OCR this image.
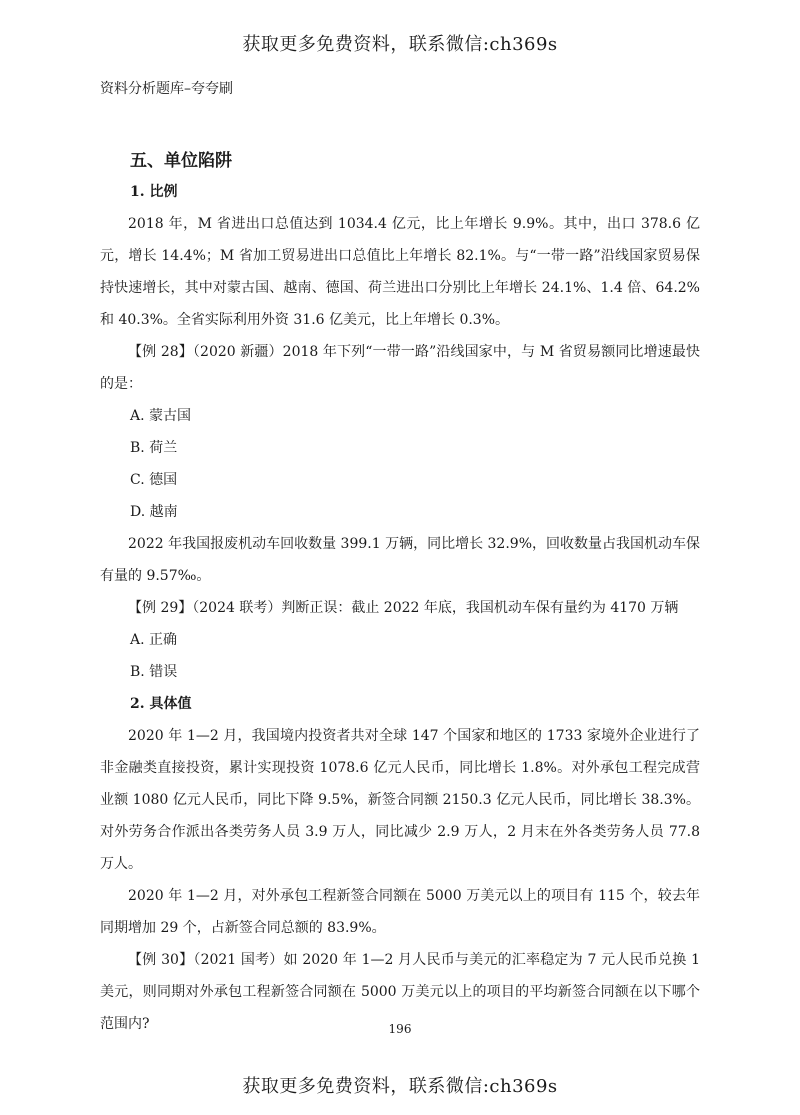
获取更多免费资料，联系微信:ch369s
资料分析题库–夸夸刷
五、单位陷阱
1. 比例

2018 年，M 省进出口总值达到 1034.4 亿元，比上年增长 9.9%。其中，出口 378.6 亿元，增长 14.4%；M 省加工贸易进出口总值比上年增长 82.1%。与“一带一路”沿线国家贸易保持快速增长，其中对蒙古国、越南、德国、荷兰进出口分别比上年增长 24.1%、1.4 倍、64.2%和 40.3%。全省实际利用外资 31.6 亿美元，比上年增长 0.3%。

【例 28】（2020 新疆）2018 年下列“一带一路”沿线国家中，与 M 省贸易额同比增速最快的是：

A. 蒙古国
B. 荷兰
C. 德国
D. 越南

2022 年我国报废机动车回收数量 399.1 万辆，同比增长 32.9%，回收数量占我国机动车保有量的 9.57‰。

【例 29】（2024 联考）判断正误：截止 2022 年底，我国机动车保有量约为 4170 万辆

A. 正确
B. 错误
2. 具体值

2020 年 1—2 月，我国境内投资者共对全球 147 个国家和地区的 1733 家境外企业进行了非金融类直接投资，累计实现投资 1078.6 亿元人民币，同比增长 1.8%。对外承包工程完成营业额 1080 亿元人民币，同比下降 9.5%，新签合同额 2150.3 亿元人民币，同比增长 38.3%。对外劳务合作派出各类劳务人员 3.9 万人，同比减少 2.9 万人，2 月末在外各类劳务人员 77.8 万人。

2020 年 1—2 月，对外承包工程新签合同额在 5000 万美元以上的项目有 115 个，较去年同期增加 29 个，占新签合同总额的 83.9%。

【例 30】（2021 国考）如 2020 年 1—2 月人民币与美元的汇率稳定为 7 元人民币兑换 1 美元，则同期对外承包工程新签合同额在 5000 万美元以上的项目的平均新签合同额在以下哪个范围内?	196
获取更多免费资料，联系微信:ch369s
